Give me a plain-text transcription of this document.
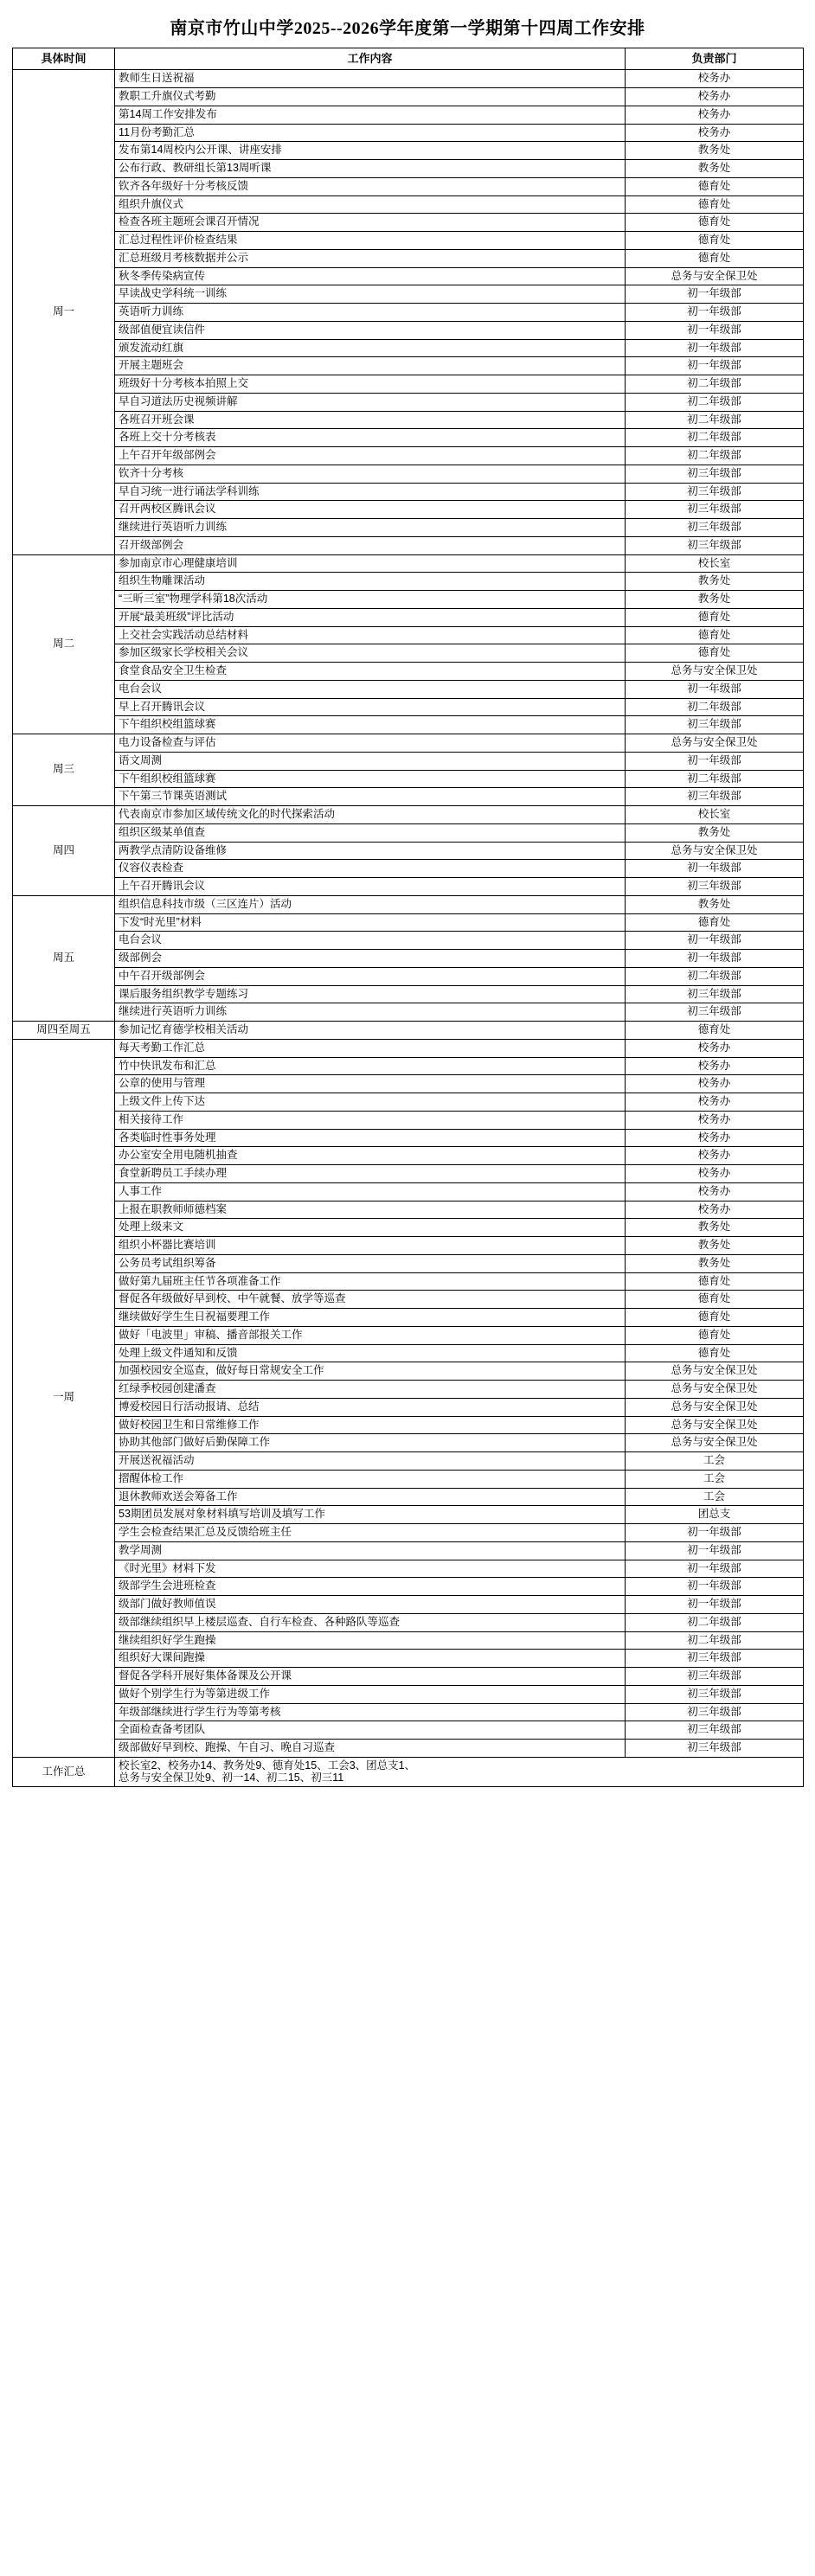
南京市竹山中学2025--2026学年度第一学期第十四周工作安排
具体时间	工作内容	负责部门
周一	教师生日送祝福	校务办
	教职工升旗仪式考勤	校务办
	第14周工作安排发布	校务办
	11月份考勤汇总	校务办
	发布第14周校内公开课、讲座安排	教务处
	公布行政、教研组长第13周听课	教务处
	钦齐各年级好十分考核反馈	德育处
	组织升旗仪式	德育处
	检查各班主题班会课召开情况	德育处
	汇总过程性评价检查结果	德育处
	汇总班级月考核数据并公示	德育处
	秋冬季传染病宣传	总务与安全保卫处
	早读战史学科统一训练	初一年级部
	英语听力训练	初一年级部
	级部值便宜读信件	初一年级部
	颁发流动红旗	初一年级部
	开展主题班会	初一年级部
	班级好十分考核本拍照上交	初二年级部
	早自习道法历史视频讲解	初二年级部
	各班召开班会课	初二年级部
	各班上交十分考核表	初二年级部
	上午召开年级部例会	初二年级部
	钦齐十分考核	初三年级部
	早自习统一进行诵法学科训练	初三年级部
	召开两校区腾讯会议	初三年级部
	继续进行英语听力训练	初三年级部
	召开级部例会	初三年级部
周二	参加南京市心理健康培训	校长室
	组织生物雕课活动	教务处
	“三昕三室”物理学科第18次活动	教务处
	开展“最美班级”评比活动	德育处
	上交社会实践活动总结材料	德育处
	参加区级家长学校相关会议	德育处
	食堂食品安全卫生检查	总务与安全保卫处
	电台会议	初一年级部
	早上召开腾讯会议	初二年级部
	下午组织校组篮球赛	初三年级部
周三	电力设备检查与评估	总务与安全保卫处
	语文周测	初一年级部
	下午组织校组篮球赛	初二年级部
	下午第三节课英语测试	初三年级部
周四	代表南京市参加区域传统文化的时代探索活动	校长室
	组织区级某单值查	教务处
	两教学点清防设备维修	总务与安全保卫处
	仪容仪表检查	初一年级部
	上午召开腾讯会议	初三年级部
周五	组织信息科技市级（三区连片）活动	教务处
	下发“时光里”材料	德育处
	电台会议	初一年级部
	级部例会	初一年级部
	中午召开级部例会	初二年级部
	课后服务组织教学专题练习	初三年级部
	继续进行英语听力训练	初三年级部
周四至周五	参加记忆育德学校相关活动	德育处
一周	每天考勤工作汇总	校务办
	竹中快讯发布和汇总	校务办
	公章的使用与管理	校务办
	上级文件上传下达	校务办
	相关接待工作	校务办
	各类临时性事务处理	校务办
	办公室安全用电随机抽查	校务办
	食堂新聘员工手续办理	校务办
	人事工作	校务办
	上报在职教师师德档案	校务办
	处理上级来文	教务处
	组织小杯器比赛培训	教务处
	公务员考试组织筹备	教务处
	做好第九届班主任节各项准备工作	德育处
	督促各年级做好早到校、中午就餐、放学等巡查	德育处
	继续做好学生生日祝福要理工作	德育处
	做好「电波里」审稿、播音部报关工作	德育处
	处理上级文件通知和反馈	德育处
	加强校园安全巡查，做好每日常规安全工作	总务与安全保卫处
	红绿季校园创建潘查	总务与安全保卫处
	博爱校园日行活动报请、总结	总务与安全保卫处
	做好校园卫生和日常维修工作	总务与安全保卫处
	协助其他部门做好后勤保障工作	总务与安全保卫处
	开展送祝福活动	工会
	摺醒体检工作	工会
	退休教师欢送会筹备工作	工会
	53期团员发展对象材料填写培训及填写工作	团总支
	学生会检查结果汇总及反馈给班主任	初一年级部
	教学周测	初一年级部
	《时光里》材料下发	初一年级部
	级部学生会进班检查	初一年级部
	级部门做好教师值误	初一年级部
	级部继续组织早上楼层巡查、自行车检查、各种路队等巡查	初二年级部
	继续组织好学生跑操	初二年级部
	组织好大课间跑操	初三年级部
	督促各学科开展好集体备课及公开课	初三年级部
	做好个别学生行为等第进级工作	初三年级部
	年级部继续进行学生行为等第考核	初三年级部
	全面检查备考团队	初三年级部
	级部做好早到校、跑操、午自习、晚自习巡查	初三年级部
工作汇总	校长室2、校务办14、教务处9、德育处15、工会3、团总支1、
总务与安全保卫处9、初一14、初二15、初三11	
